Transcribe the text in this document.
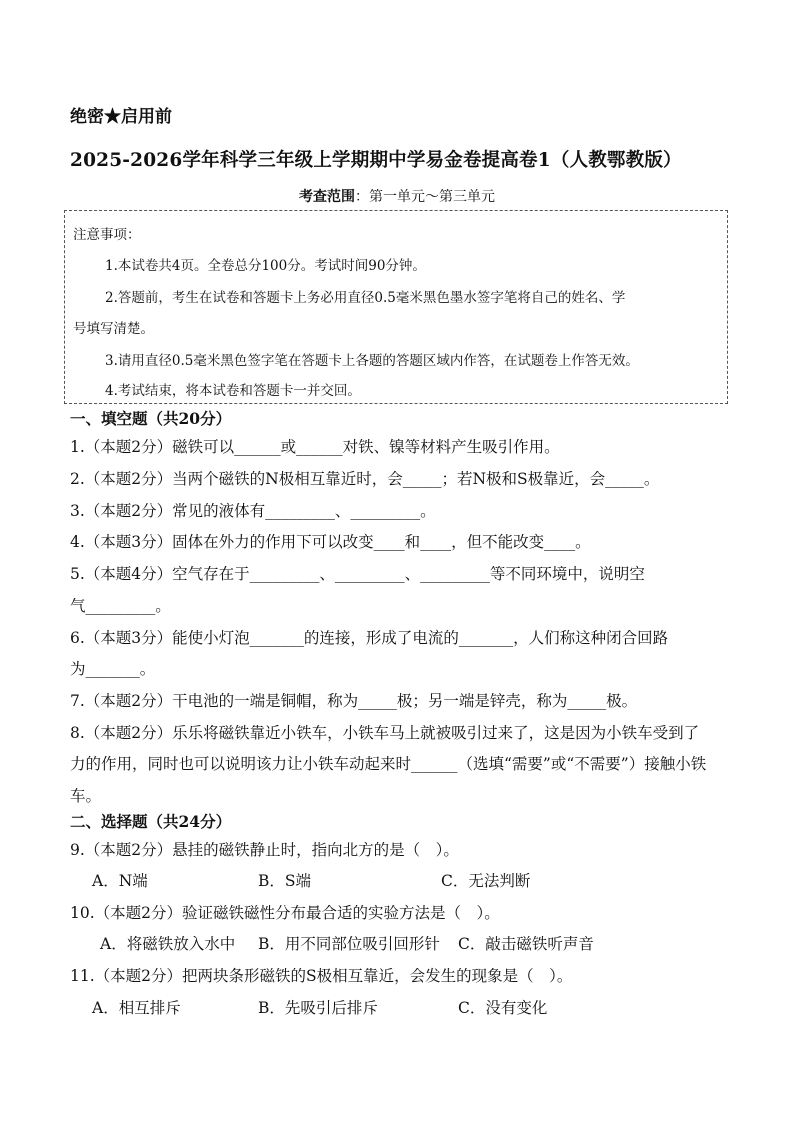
绝密★启用前
2025-2026学年科学三年级上学期期中学易金卷提高卷1（人教鄂教版）
考查范围：第一单元～第三单元
注意事项：
1.本试卷共4页。全卷总分100分。考试时间90分钟。
2.答题前，考生在试卷和答题卡上务必用直径0.5毫米黑色墨水签字笔将自己的姓名、学
号填写清楚。
3.请用直径0.5毫米黑色签字笔在答题卡上各题的答题区域内作答，在试题卷上作答无效。
4.考试结束，将本试卷和答题卡一并交回。
一、填空题（共20分）
1.（本题2分）磁铁可以______或______对铁、镍等材料产生吸引作用。
2.（本题2分）当两个磁铁的N极相互靠近时，会_____；若N极和S极靠近，会_____。
3.（本题2分）常见的液体有_________、_________。
4.（本题3分）固体在外力的作用下可以改变____和____，但不能改变____。
5.（本题4分）空气存在于_________、_________、_________等不同环境中，说明空
气_________。
6.（本题3分）能使小灯泡_______的连接，形成了电流的_______，人们称这种闭合回路
为_______。
7.（本题2分）干电池的一端是铜帽，称为_____极；另一端是锌壳，称为_____极。
8.（本题2分）乐乐将磁铁靠近小铁车，小铁车马上就被吸引过来了，这是因为小铁车受到了
力的作用，同时也可以说明该力让小铁车动起来时______（选填“需要”或“不需要”）接触小铁
车。
二、选择题（共24分）
9.（本题2分）悬挂的磁铁静止时，指向北方的是（　）。
A．N端	B．S端	C．无法判断
10.（本题2分）验证磁铁磁性分布最合适的实验方法是（　）。
A．将磁铁放入水中 B．用不同部位吸引回形针 C．敲击磁铁听声音
11.（本题2分）把两块条形磁铁的S极相互靠近，会发生的现象是（　）。
A．相互排斥	B．先吸引后排斥	C．没有变化
